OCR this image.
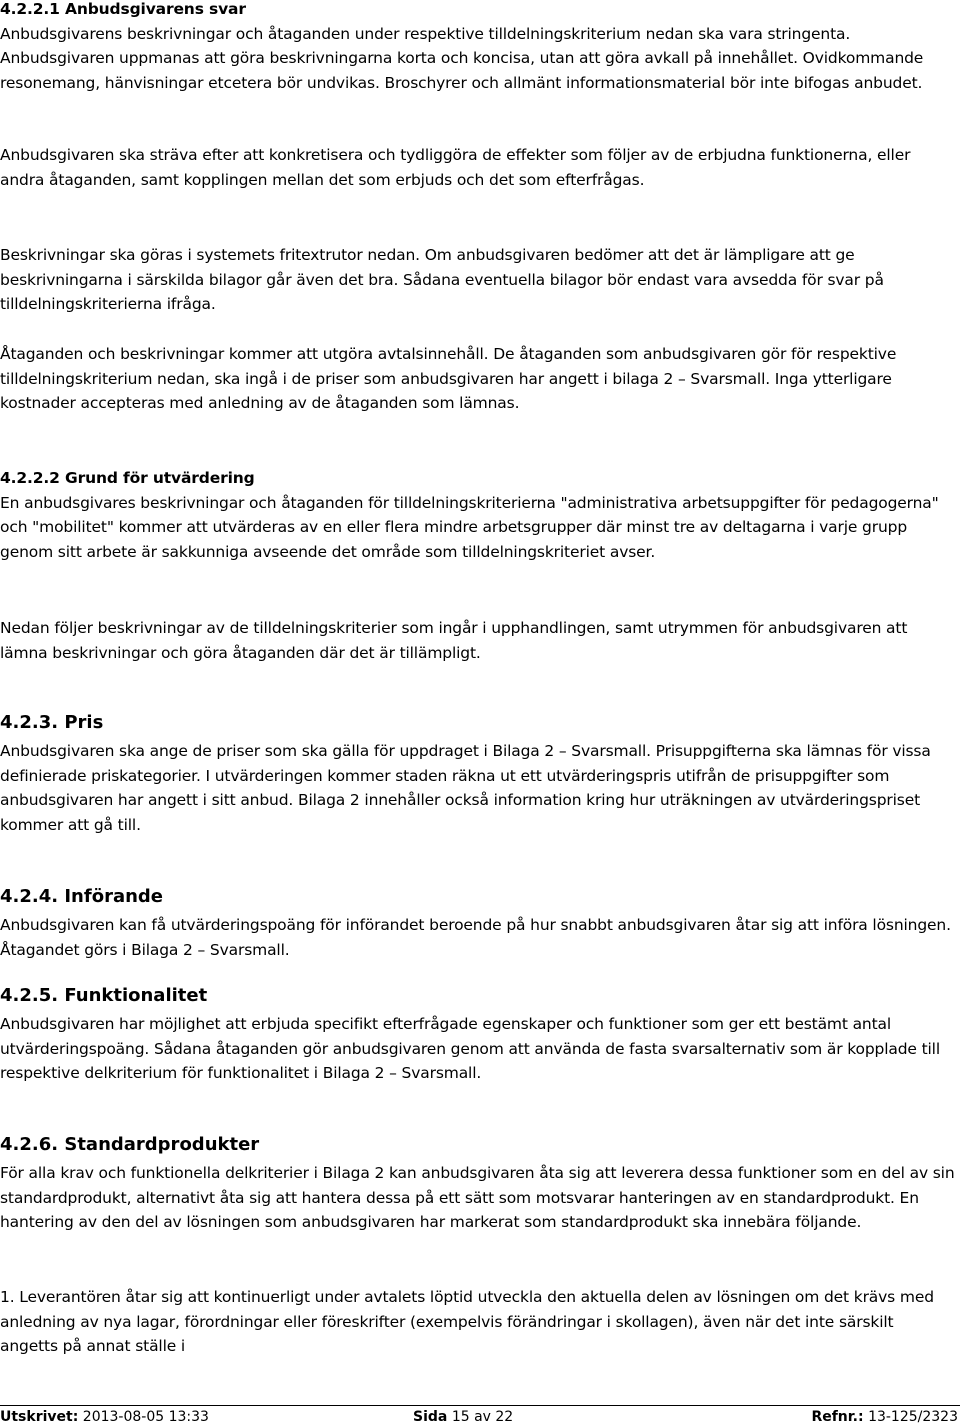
4.2.2.1 Anbudsgivarens svar
Anbudsgivarens beskrivningar och åtaganden under respektive tilldelningskriterium nedan ska vara stringenta. Anbudsgivaren uppmanas att göra beskrivningarna korta och koncisa, utan att göra avkall på innehållet. Ovidkommande resonemang, hänvisningar etcetera bör undvikas. Broschyrer och allmänt informationsmaterial bör inte bifogas anbudet.

Anbudsgivaren ska sträva efter att konkretisera och tydliggöra de effekter som följer av de erbjudna funktionerna, eller andra åtaganden, samt kopplingen mellan det som erbjuds och det som efterfrågas.

Beskrivningar ska göras i systemets fritextrutor nedan. Om anbudsgivaren bedömer att det är lämpligare att ge beskrivningarna i särskilda bilagor går även det bra. Sådana eventuella bilagor bör endast vara avsedda för svar på tilldelningskriterierna ifråga.

Åtaganden och beskrivningar kommer att utgöra avtalsinnehåll. De åtaganden som anbudsgivaren gör för respektive tilldelningskriterium nedan, ska ingå i de priser som anbudsgivaren har angett i bilaga 2 – Svarsmall. Inga ytterligare kostnader accepteras med anledning av de åtaganden som lämnas.

4.2.2.2 Grund för utvärdering
En anbudsgivares beskrivningar och åtaganden för tilldelningskriterierna "administrativa arbetsuppgifter för pedagogerna" och "mobilitet" kommer att utvärderas av en eller flera mindre arbetsgrupper där minst tre av deltagarna i varje grupp genom sitt arbete är sakkunniga avseende det område som tilldelningskriteriet avser.

Nedan följer beskrivningar av de tilldelningskriterier som ingår i upphandlingen, samt utrymmen för anbudsgivaren att lämna beskrivningar och göra åtaganden där det är tillämpligt.

4.2.3. Pris

Anbudsgivaren ska ange de priser som ska gälla för uppdraget i Bilaga 2 – Svarsmall. Prisuppgifterna ska lämnas för vissa definierade priskategorier. I utvärderingen kommer staden räkna ut ett utvärderingspris utifrån de prisuppgifter som anbudsgivaren har angett i sitt anbud. Bilaga 2 innehåller också information kring hur uträkningen av utvärderingspriset kommer att gå till.

4.2.4. Införande

Anbudsgivaren kan få utvärderingspoäng för införandet beroende på hur snabbt anbudsgivaren åtar sig att införa lösningen. Åtagandet görs i Bilaga 2 – Svarsmall.

4.2.5. Funktionalitet

Anbudsgivaren har möjlighet att erbjuda specifikt efterfrågade egenskaper och funktioner som ger ett bestämt antal utvärderingspoäng. Sådana åtaganden gör anbudsgivaren genom att använda de fasta svarsalternativ som är kopplade till respektive delkriterium för funktionalitet i Bilaga 2 – Svarsmall.

4.2.6. Standardprodukter

För alla krav och funktionella delkriterier i Bilaga 2 kan anbudsgivaren åta sig att leverera dessa funktioner som en del av sin standardprodukt, alternativt åta sig att hantera dessa på ett sätt som motsvarar hanteringen av en standardprodukt. En hantering av den del av lösningen som anbudsgivaren har markerat som standardprodukt ska innebära följande.

1. Leverantören åtar sig att kontinuerligt under avtalets löptid utveckla den aktuella delen av lösningen om det krävs med anledning av nya lagar, förordningar eller föreskrifter (exempelvis förändringar i skollagen), även när det inte särskilt angetts på annat ställe i

Utskrivet: 2013-08-05 13:33	Sida 15 av 22	Refnr.: 13-125/2323
